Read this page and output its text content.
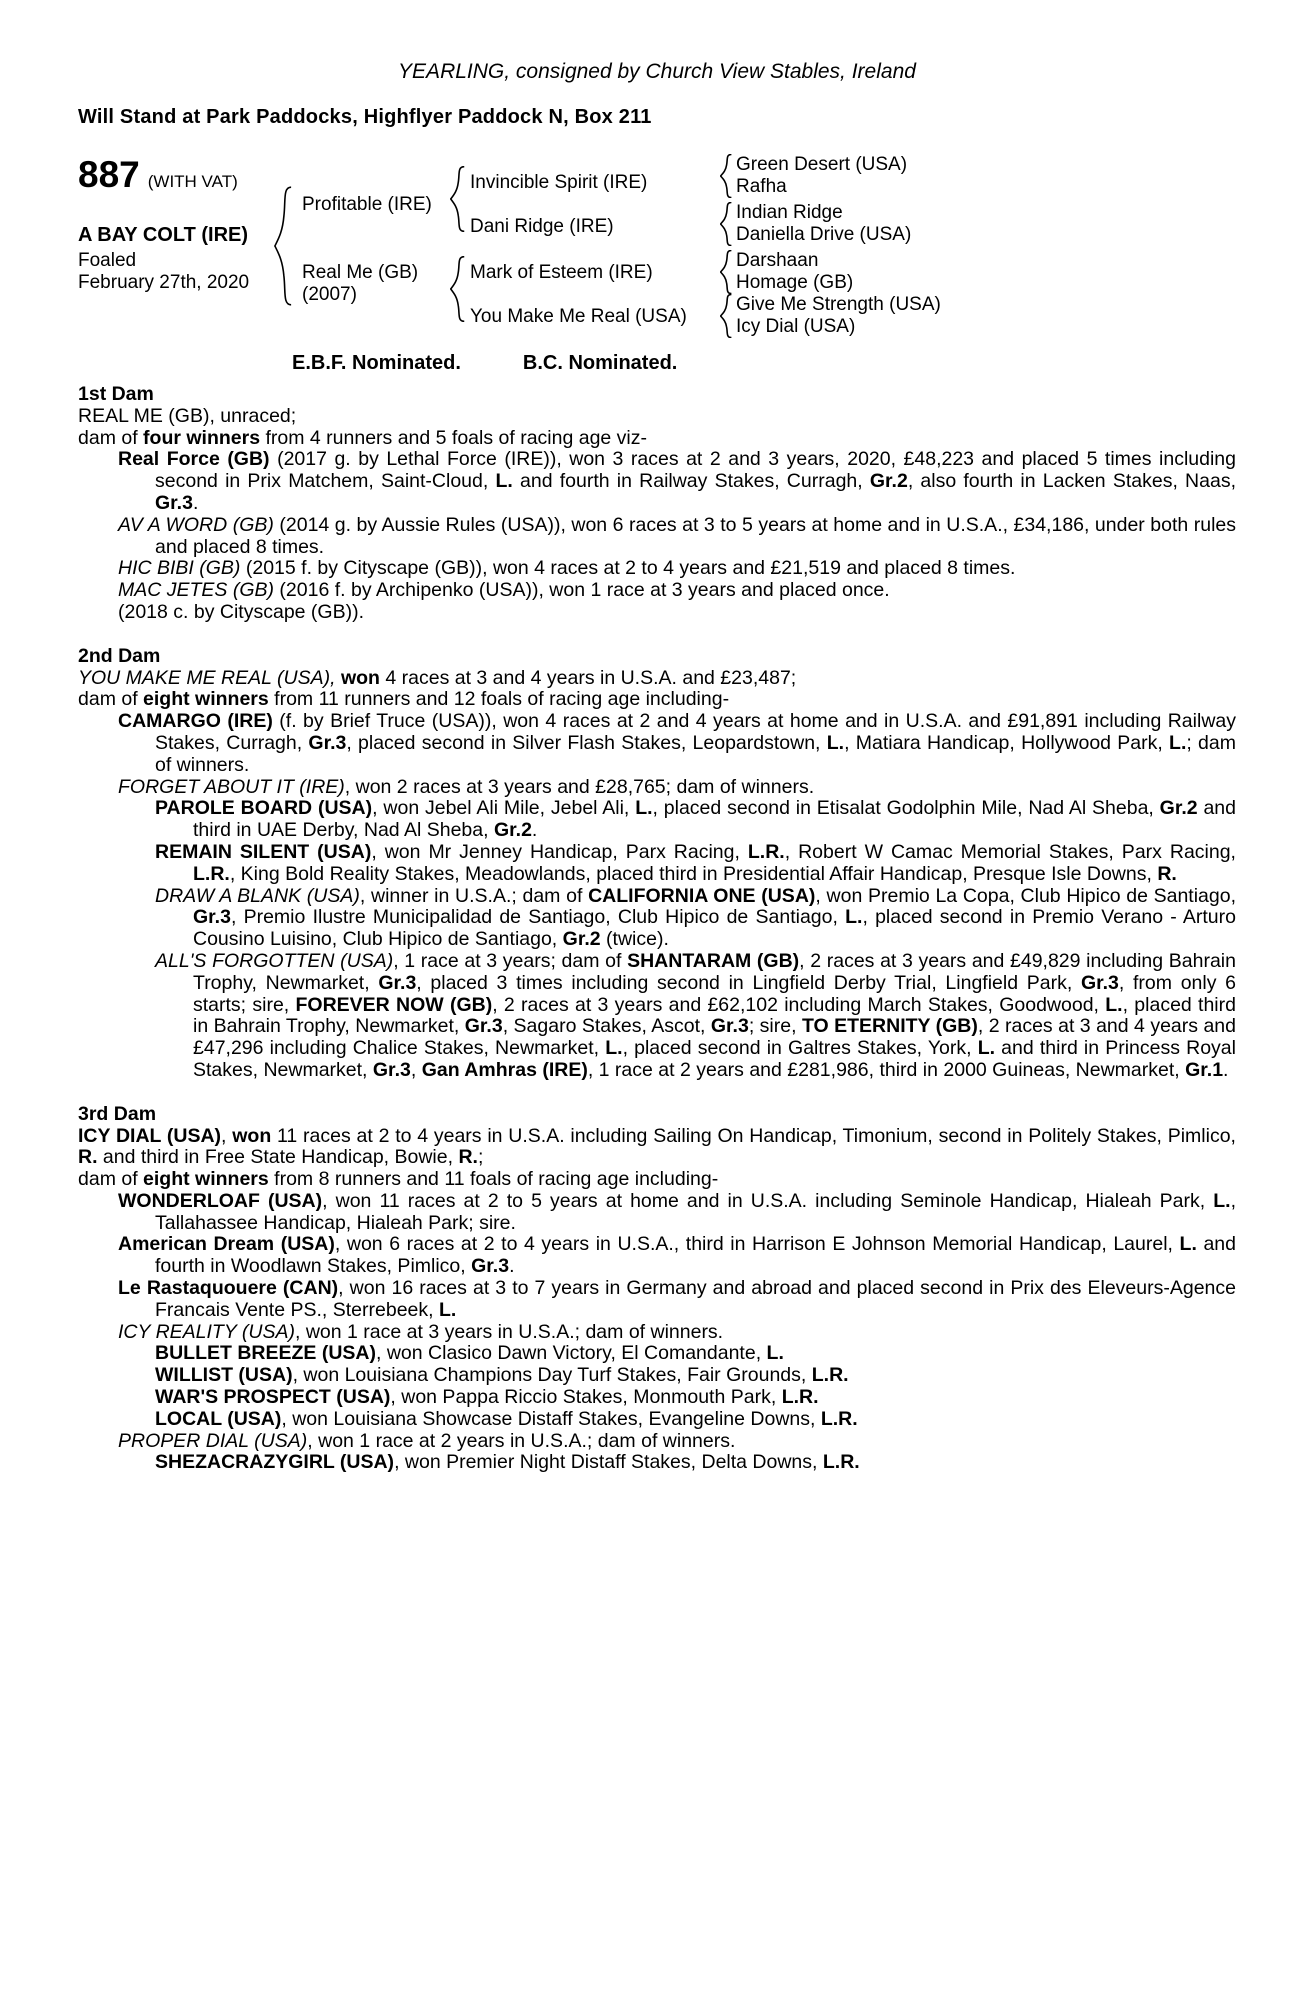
YEARLING, consigned by Church View Stables, Ireland
Will Stand at Park Paddocks, Highflyer Paddock N, Box 211
887 (WITH VAT)
A BAY COLT (IRE)
Foaled
February 27th, 2020
Profitable (IRE)
Real Me (GB)
(2007)
Invincible Spirit (IRE)
Dani Ridge (IRE)
Mark of Esteem (IRE)
You Make Me Real (USA)
Green Desert (USA)
Rafha
Indian Ridge
Daniella Drive (USA)
Darshaan
Homage (GB)
Give Me Strength (USA)
Icy Dial (USA)
E.B.F. Nominated.	B.C. Nominated.
1st Dam

REAL ME (GB), unraced;

dam of four winners from 4 runners and 5 foals of racing age viz-

Real Force (GB) (2017 g. by Lethal Force (IRE)), won 3 races at 2 and 3 years, 2020, £48,223 and placed 5 times including second in Prix Matchem, Saint-Cloud, L. and fourth in Railway Stakes, Curragh, Gr.2, also fourth in Lacken Stakes, Naas, Gr.3.

AV A WORD (GB) (2014 g. by Aussie Rules (USA)), won 6 races at 3 to 5 years at home and in U.S.A., £34,186, under both rules and placed 8 times.

HIC BIBI (GB) (2015 f. by Cityscape (GB)), won 4 races at 2 to 4 years and £21,519 and placed 8 times.

MAC JETES (GB) (2016 f. by Archipenko (USA)), won 1 race at 3 years and placed once.

(2018 c. by Cityscape (GB)).

2nd Dam

YOU MAKE ME REAL (USA), won 4 races at 3 and 4 years in U.S.A. and £23,487;

dam of eight winners from 11 runners and 12 foals of racing age including-

CAMARGO (IRE) (f. by Brief Truce (USA)), won 4 races at 2 and 4 years at home and in U.S.A. and £91,891 including Railway Stakes, Curragh, Gr.3, placed second in Silver Flash Stakes, Leopardstown, L., Matiara Handicap, Hollywood Park, L.; dam of winners.

FORGET ABOUT IT (IRE), won 2 races at 3 years and £28,765; dam of winners.

PAROLE BOARD (USA), won Jebel Ali Mile, Jebel Ali, L., placed second in Etisalat Godolphin Mile, Nad Al Sheba, Gr.2 and third in UAE Derby, Nad Al Sheba, Gr.2.

REMAIN SILENT (USA), won Mr Jenney Handicap, Parx Racing, L.R., Robert W Camac Memorial Stakes, Parx Racing, L.R., King Bold Reality Stakes, Meadowlands, placed third in Presidential Affair Handicap, Presque Isle Downs, R.

DRAW A BLANK (USA), winner in U.S.A.; dam of CALIFORNIA ONE (USA), won Premio La Copa, Club Hipico de Santiago, Gr.3, Premio Ilustre Municipalidad de Santiago, Club Hipico de Santiago, L., placed second in Premio Verano - Arturo Cousino Luisino, Club Hipico de Santiago, Gr.2 (twice).

ALL'S FORGOTTEN (USA), 1 race at 3 years; dam of SHANTARAM (GB), 2 races at 3 years and £49,829 including Bahrain Trophy, Newmarket, Gr.3, placed 3 times including second in Lingfield Derby Trial, Lingfield Park, Gr.3, from only 6 starts; sire, FOREVER NOW (GB), 2 races at 3 years and £62,102 including March Stakes, Goodwood, L., placed third in Bahrain Trophy, Newmarket, Gr.3, Sagaro Stakes, Ascot, Gr.3; sire, TO ETERNITY (GB), 2 races at 3 and 4 years and £47,296 including Chalice Stakes, Newmarket, L., placed second in Galtres Stakes, York, L. and third in Princess Royal Stakes, Newmarket, Gr.3, Gan Amhras (IRE), 1 race at 2 years and £281,986, third in 2000 Guineas, Newmarket, Gr.1.

3rd Dam

ICY DIAL (USA), won 11 races at 2 to 4 years in U.S.A. including Sailing On Handicap, Timonium, second in Politely Stakes, Pimlico, R. and third in Free State Handicap, Bowie, R.;

dam of eight winners from 8 runners and 11 foals of racing age including-

WONDERLOAF (USA), won 11 races at 2 to 5 years at home and in U.S.A. including Seminole Handicap, Hialeah Park, L., Tallahassee Handicap, Hialeah Park; sire.

American Dream (USA), won 6 races at 2 to 4 years in U.S.A., third in Harrison E Johnson Memorial Handicap, Laurel, L. and fourth in Woodlawn Stakes, Pimlico, Gr.3.

Le Rastaquouere (CAN), won 16 races at 3 to 7 years in Germany and abroad and placed second in Prix des Eleveurs-Agence Francais Vente PS., Sterrebeek, L.

ICY REALITY (USA), won 1 race at 3 years in U.S.A.; dam of winners.

BULLET BREEZE (USA), won Clasico Dawn Victory, El Comandante, L.

WILLIST (USA), won Louisiana Champions Day Turf Stakes, Fair Grounds, L.R.

WAR'S PROSPECT (USA), won Pappa Riccio Stakes, Monmouth Park, L.R.

LOCAL (USA), won Louisiana Showcase Distaff Stakes, Evangeline Downs, L.R.

PROPER DIAL (USA), won 1 race at 2 years in U.S.A.; dam of winners.

SHEZACRAZYGIRL (USA), won Premier Night Distaff Stakes, Delta Downs, L.R.
